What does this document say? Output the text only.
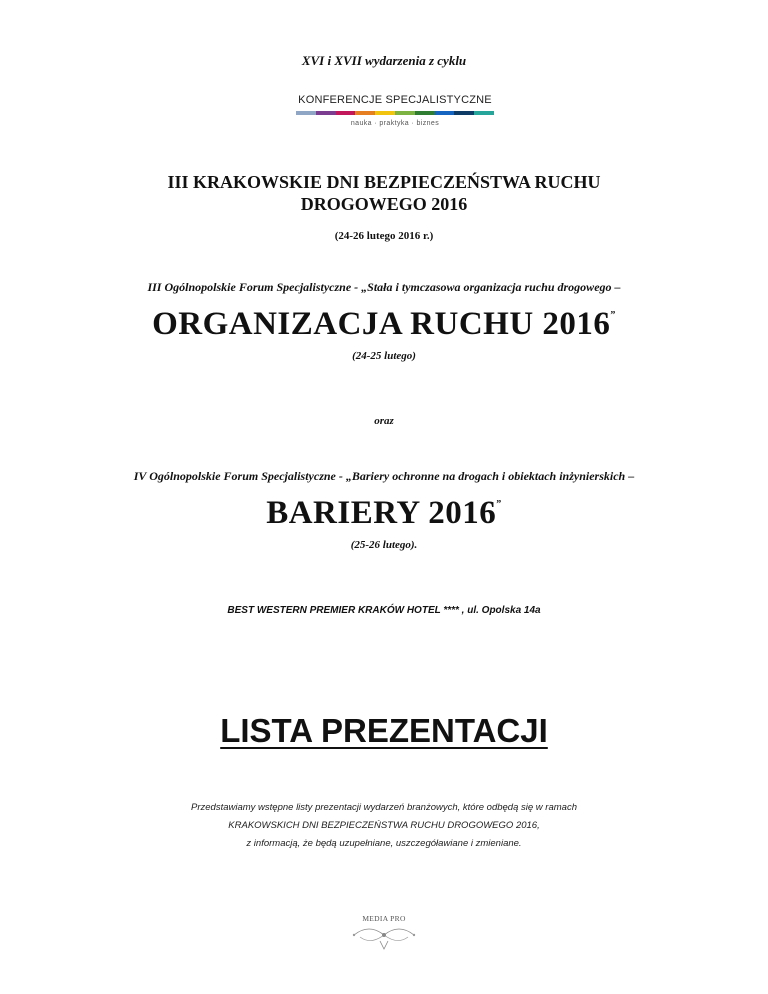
XVI i XVII wydarzenia z cyklu
KONFERENCJE SPECJALISTYCZNE
nauka · praktyka · biznes
III KRAKOWSKIE DNI BEZPIECZEŃSTWA RUCHU
DROGOWEGO 2016
(24-26 lutego 2016 r.)
III Ogólnopolskie Forum Specjalistyczne - „Stała i tymczasowa organizacja ruchu drogowego –
ORGANIZACJA RUCHU 2016”
(24-25 lutego)
oraz
IV Ogólnopolskie Forum Specjalistyczne - „Bariery ochronne na drogach i obiektach inżynierskich –
BARIERY 2016”
(25-26 lutego).
BEST WESTERN PREMIER KRAKÓW HOTEL **** , ul. Opolska 14a
LISTA PREZENTACJI
Przedstawiamy wstępne listy prezentacji wydarzeń branżowych, które odbędą się w ramach
KRAKOWSKICH DNI BEZPIECZEŃSTWA RUCHU DROGOWEGO 2016,
z informacją, że będą uzupełniane, uszczegóławiane i zmieniane.
MEDIA PRO
